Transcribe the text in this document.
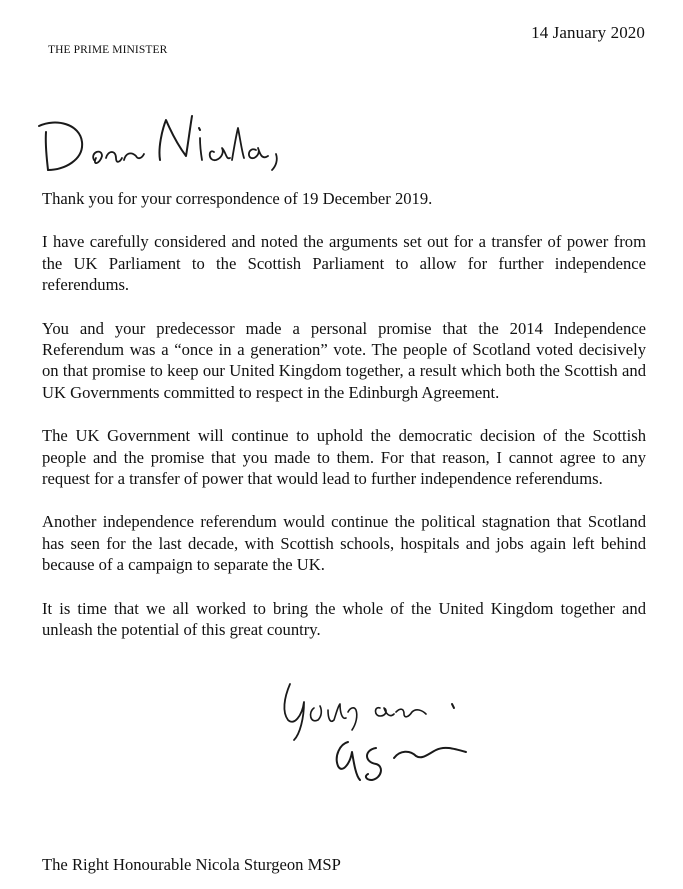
14 January 2020
THE PRIME MINISTER

Thank you for your correspondence of 19 December 2019.

I have carefully considered and noted the arguments set out for a transfer of power from the UK Parliament to the Scottish Parliament to allow for further independence referendums.

You and your predecessor made a personal promise that the 2014 Independence Referendum was a “once in a generation” vote. The people of Scotland voted decisively on that promise to keep our United Kingdom together, a result which both the Scottish and UK Governments committed to respect in the Edinburgh Agreement.

The UK Government will continue to uphold the democratic decision of the Scottish people and the promise that you made to them. For that reason, I cannot agree to any request for a transfer of power that would lead to further independence referendums.

Another independence referendum would continue the political stagnation that Scotland has seen for the last decade, with Scottish schools, hospitals and jobs again left behind because of a campaign to separate the UK.

It is time that we all worked to bring the whole of the United Kingdom together and unleash the potential of this great country.

The Right Honourable Nicola Sturgeon MSP
